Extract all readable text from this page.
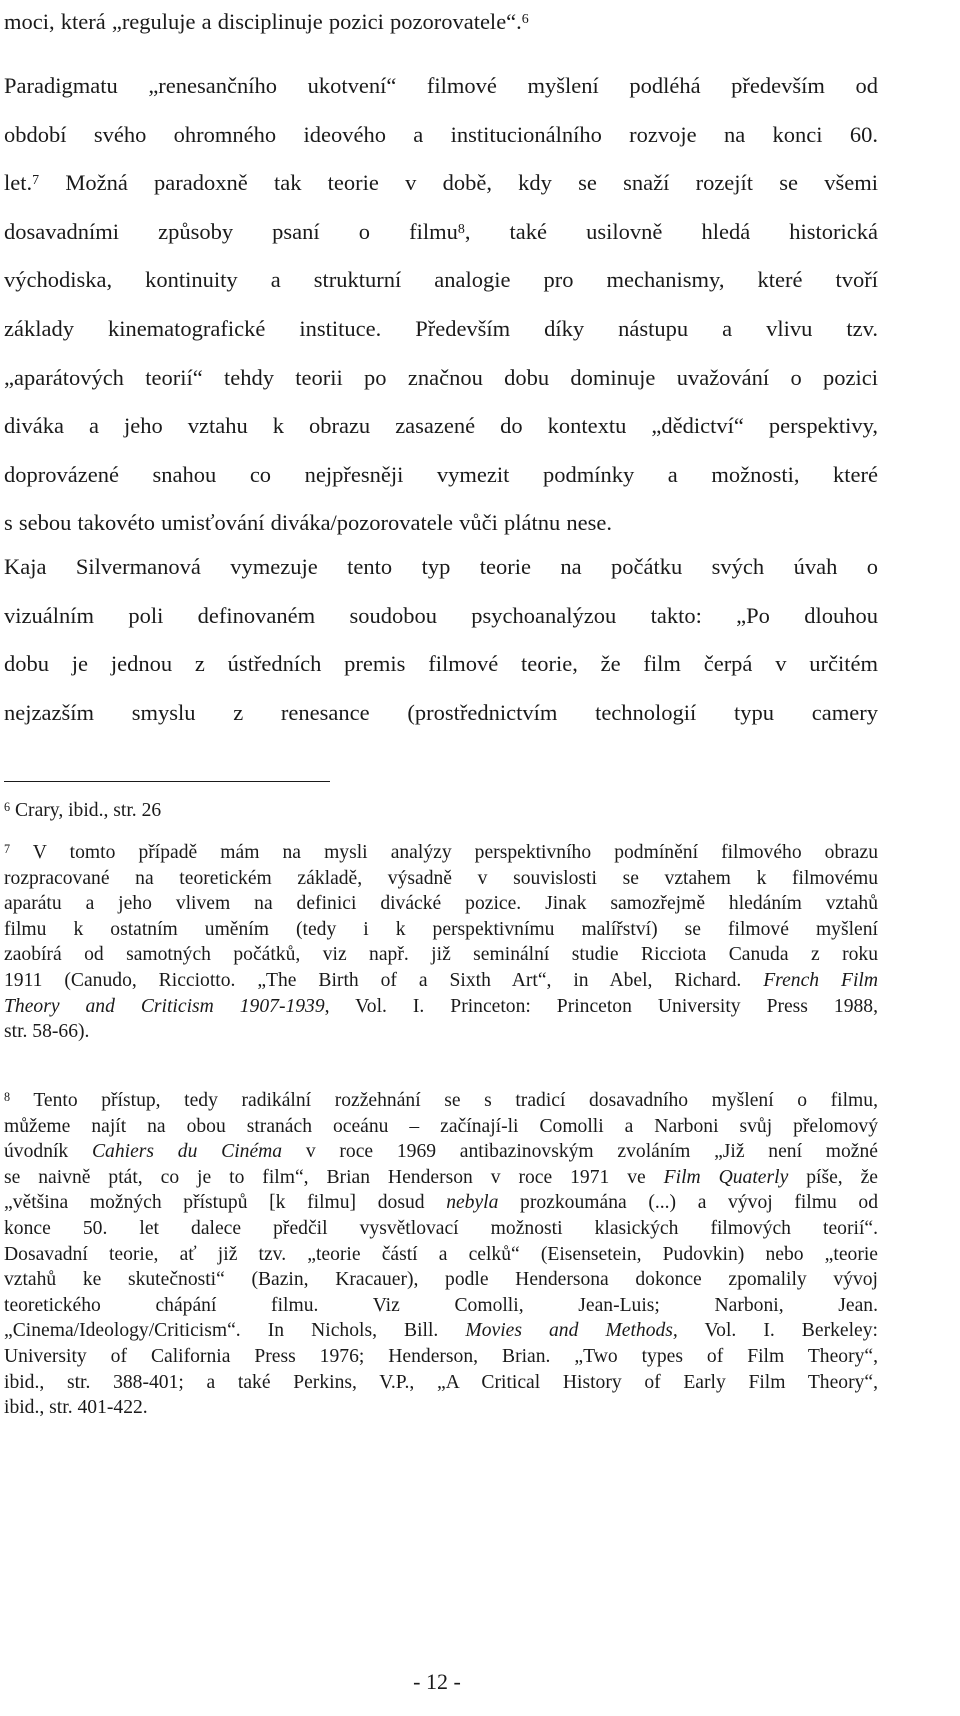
moci, která „reguluje a disciplinuje pozici pozorovatele“.$^6$
Paradigmatu „renesančního ukotvení“ filmové myšlení podléhá především od
období svého ohromného ideového a institucionálního rozvoje na konci 60.
let.$^7$ Možná paradoxně tak teorie v době, kdy se snaží rozejít se všemi
dosavadními způsoby psaní o filmu$^8$, také usilovně hledá historická
východiska, kontinuity a strukturní analogie pro mechanismy, které tvoří
základy kinematografické instituce. Především díky nástupu a vlivu tzv.
„aparátových teorií“ tehdy teorii po značnou dobu dominuje uvažování o pozici
diváka a jeho vztahu k obrazu zasazené do kontextu „dědictví“ perspektivy,
doprovázené snahou co nejpřesněji vymezit podmínky a možnosti, které
s sebou takovéto umisťování diváka/pozorovatele vůči plátnu nese.
Kaja Silvermanová vymezuje tento typ teorie na počátku svých úvah o
vizuálním poli definovaném soudobou psychoanalýzou takto: „Po dlouhou
dobu je jednou z ústředních premis filmové teorie, že film čerpá v určitém
nejzazším smyslu z renesance (prostřednictvím technologií typu camery
$^6$ Crary, ibid., str. 26
$^7$ V tomto případě mám na mysli analýzy perspektivního podmínění filmového obrazu
rozpracované na teoretickém základě, výsadně v souvislosti se vztahem k filmovému
aparátu a jeho vlivem na definici divácké pozice. Jinak samozřejmě hledáním vztahů
filmu k ostatním uměním (tedy i k perspektivnímu malířství) se filmové myšlení
zaobírá od samotných počátků, viz např. již seminální studie Ricciota Canuda z roku
1911 (Canudo, Ricciotto. „The Birth of a Sixth Art“, in Abel, Richard. French Film
Theory and Criticism 1907-1939, Vol. I. Princeton: Princeton University Press 1988,
str. 58-66).
$^8$ Tento přístup, tedy radikální rozžehnání se s tradicí dosavadního myšlení o filmu,
můžeme najít na obou stranách oceánu – začínají-li Comolli a Narboni svůj přelomový
úvodník Cahiers du Cinéma v roce 1969 antibazinovským zvoláním „Již není možné
se naivně ptát, co je to film“, Brian Henderson v roce 1971 ve Film Quaterly píše, že
„většina možných přístupů [k filmu] dosud nebyla prozkoumána (...) a vývoj filmu od
konce 50. let dalece předčil vysvětlovací možnosti klasických filmových teorií“.
Dosavadní teorie, ať již tzv. „teorie částí a celků“ (Eisensetein, Pudovkin) nebo „teorie
vztahů ke skutečnosti“ (Bazin, Kracauer), podle Hendersona dokonce zpomalily vývoj
teoretického chápání filmu. Viz Comolli, Jean-Luis; Narboni, Jean.
„Cinema/Ideology/Criticism“. In Nichols, Bill. Movies and Methods, Vol. I. Berkeley:
University of California Press 1976; Henderson, Brian. „Two types of Film Theory“,
ibid., str. 388-401; a také Perkins, V.P., „A Critical History of Early Film Theory“,
ibid., str. 401-422.
- 12 -
